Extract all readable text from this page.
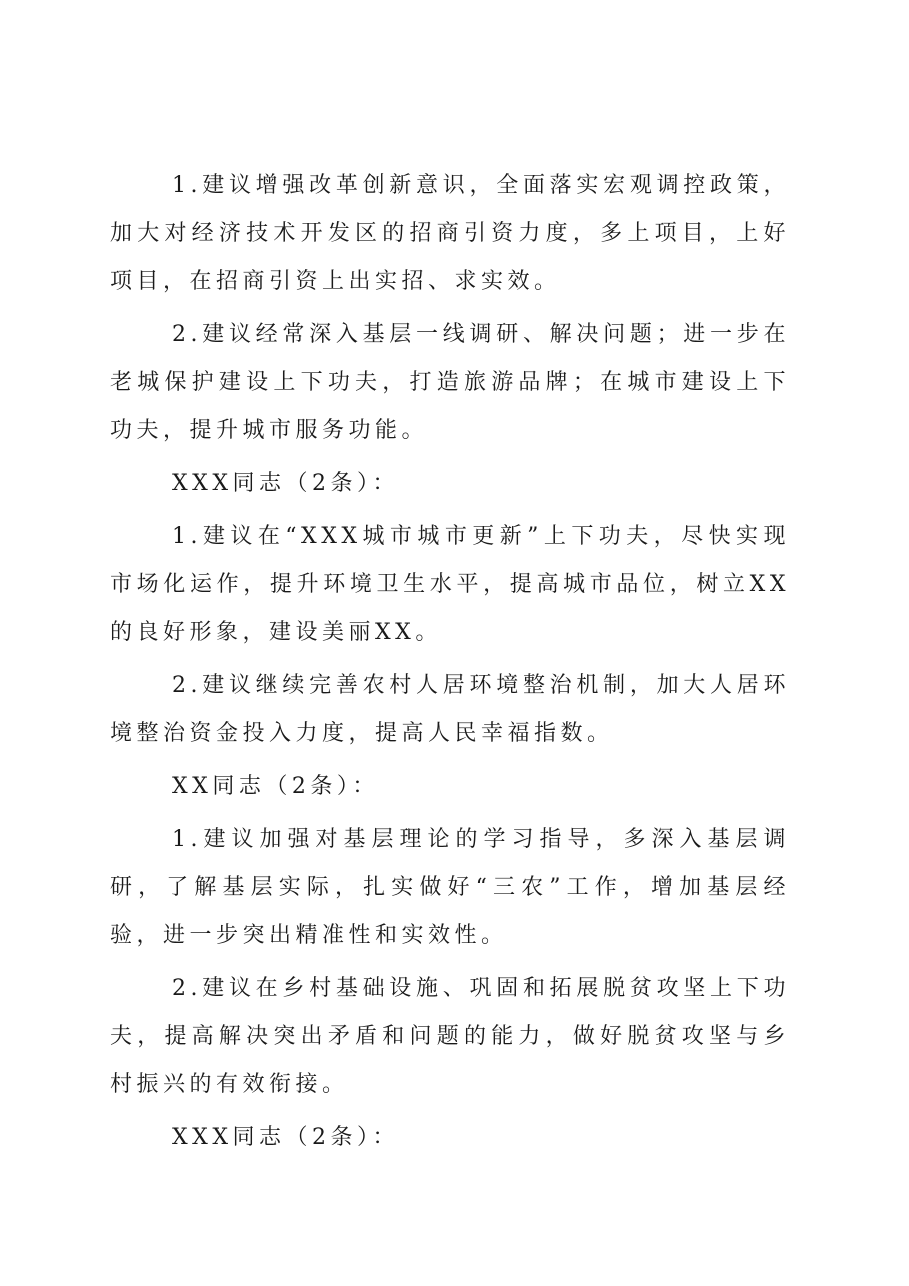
1.建议增强改革创新意识，全面落实宏观调控政策，加大对经济技术开发区的招商引资力度，多上项目，上好项目，在招商引资上出实招、求实效。

2.建议经常深入基层一线调研、解决问题；进一步在老城保护建设上下功夫，打造旅游品牌；在城市建设上下功夫，提升城市服务功能。

XXX同志（2条）：

1.建议在“XXX城市城市更新”上下功夫，尽快实现市场化运作，提升环境卫生水平，提高城市品位，树立XX的良好形象，建设美丽XX。

2.建议继续完善农村人居环境整治机制，加大人居环境整治资金投入力度，提高人民幸福指数。

XX同志（2条）：

1.建议加强对基层理论的学习指导，多深入基层调研，了解基层实际，扎实做好“三农”工作，增加基层经验，进一步突出精准性和实效性。

2.建议在乡村基础设施、巩固和拓展脱贫攻坚上下功夫，提高解决突出矛盾和问题的能力，做好脱贫攻坚与乡村振兴的有效衔接。

XXX同志（2条）：
